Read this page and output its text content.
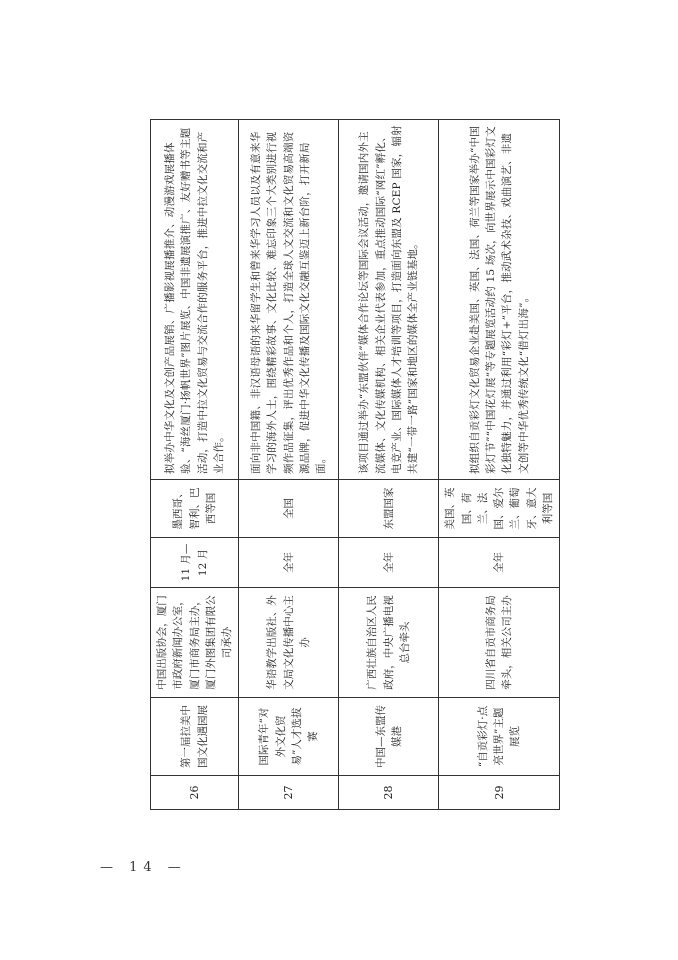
26	第一届拉美中国文化遇园展	中国出版协会，厦门市政府新闻办公室，厦门市商务局主办，厦门外图集团有限公司承办	11 月—12 月	墨西哥、智利、巴西等国	拟举办中华文化及文创产品展销、广播影视展播推介、动漫游戏展播体验、“海丝厦门·扬帆世界”图片展览、中国非遗展演推广、友好赠书等主题活动，打造中拉文化贸易与交流合作的服务平台，推进中拉文化交流和产业合作。
27	国际青年“对外文化贸易”人才选拔赛	华语教学出版社、外文局文化传播中心主办	全年	全国	面向非中国籍、非汉语母语的来华留学生和曾来华学习人员以及有意来华学习的海外人士，围绕精彩故事、文化比较、难忘印象三个大类别进行视频作品征集，评出优秀作品和个人，打造全球人文交流和文化贸易高端资源品牌，促进中华文化传播及国际文化交融互鉴迈上新台阶，打开新局面。
28	中国—东盟传媒港	广西壮族自治区人民政府，中央广播电视总台牵头	全年	东盟国家	该项目通过举办“东盟伙伴”媒体合作论坛等国际会议活动，邀请国内外主流媒体、文化传媒机构、相关企业代表参加，重点推动国际“网红”孵化、电竞产业、国际媒体人才培训等项目，打造面向东盟及 RCEP 国家，辐射共建“一带一路”国家和地区的媒体全产业链基地。
29	“自贡彩灯·点亮世界”主题展览	四川省自贡市商务局牵头，相关公司主办	全年	美国、英国、荷兰、法国、爱尔兰、葡萄牙、意大利等国	拟组织自贡彩灯文化贸易企业赴美国、英国、法国、荷兰等国家举办“中国彩灯节”“中国花灯展”等专题展览活动约 15 场次，向世界展示中国彩灯文化独特魅力，并通过利用“彩灯+”平台，推动武术杂技、戏曲演艺、非遗文创等中华优秀传统文化“借灯出海”。
— 14 —
